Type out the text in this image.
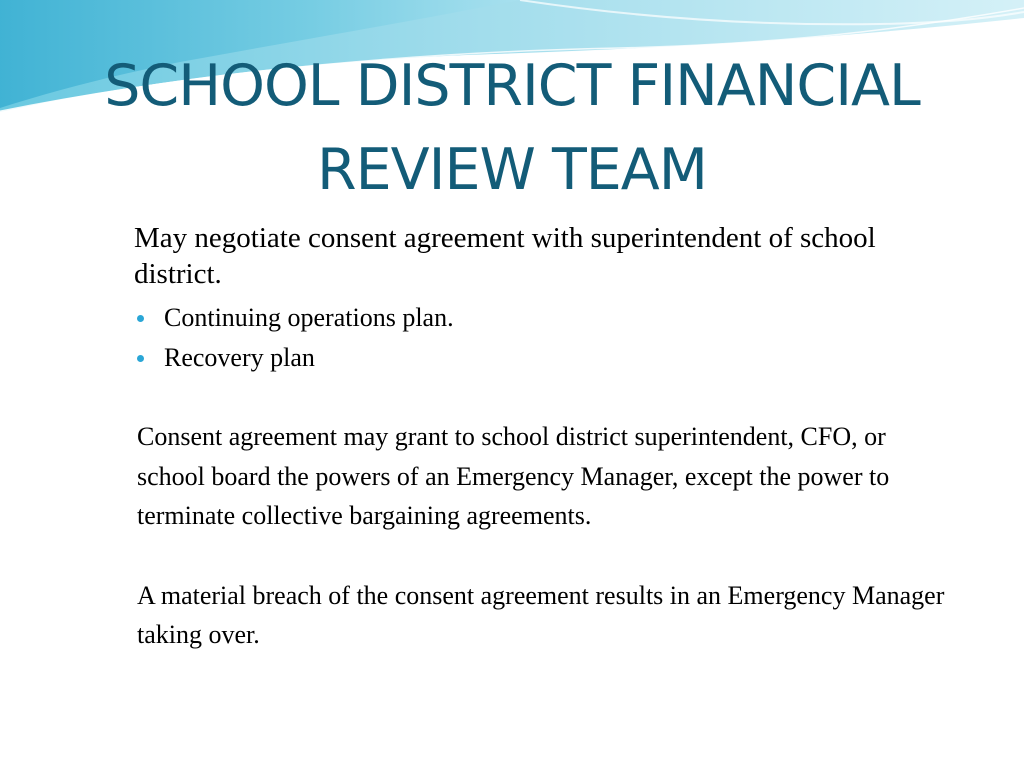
SCHOOL DISTRICT FINANCIAL
REVIEW TEAM

May negotiate consent agreement with superintendent of school district.

Continuing operations plan.
Recovery plan

Consent agreement may grant to school district superintendent, CFO, or school board the powers of an Emergency Manager, except the power to terminate collective bargaining agreements.

A material breach of the consent agreement results in an Emergency Manager taking over.
